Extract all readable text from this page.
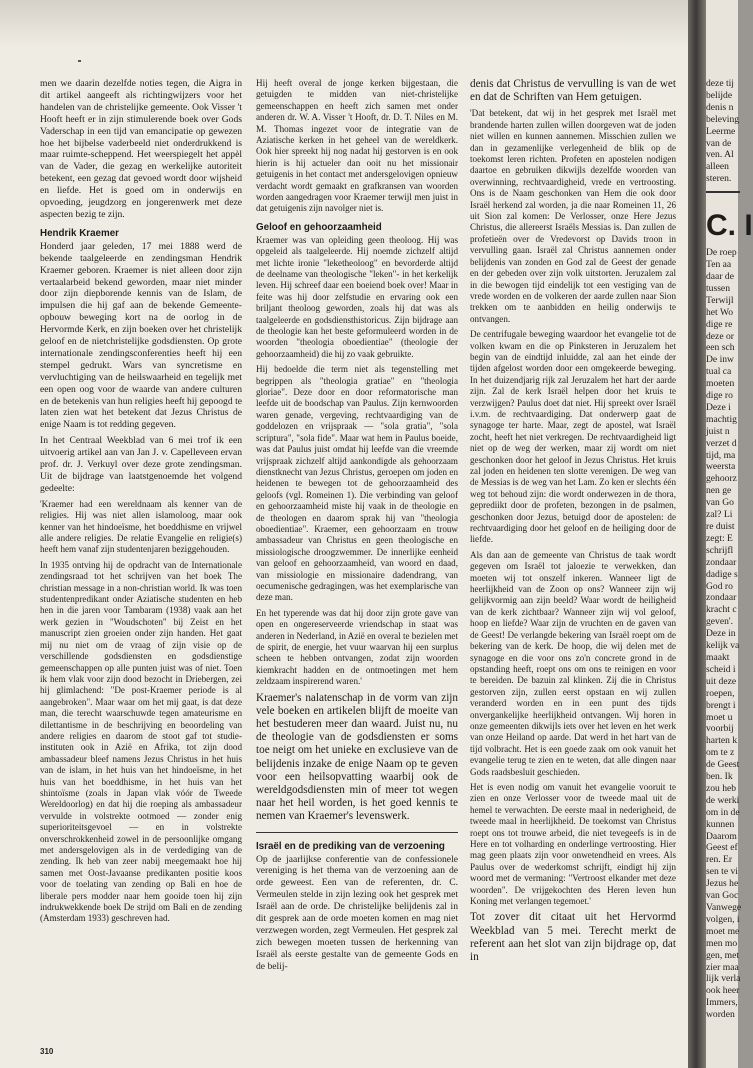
men we daarin dezelfde noties tegen, die Aigra in dit artikel aangeeft als richtingwijzers voor het handelen van de christelijke gemeente. Ook Visser 't Hooft heeft er in zijn stimulerende boek over Gods Vaderschap in een tijd van emancipatie op gewezen hoe het bijbelse vaderbeeld niet onderdrukkend is maar ruimte-scheppend. Het weerspiegelt het appèl van de Vader, die gezag en werkelijke autoriteit betekent, een gezag dat gevoed wordt door wijsheid en liefde. Het is goed om in onderwijs en opvoeding, jeugdzorg en jongerenwerk met deze aspecten bezig te zijn.

Hendrik Kraemer

Honderd jaar geleden, 17 mei 1888 werd de bekende taalgeleerde en zendingsman Hendrik Kraemer geboren. Kraemer is niet alleen door zijn vertaalarbeid bekend geworden, maar niet minder door zijn diepborende kennis van de Islam, de impulsen die hij gaf aan de bekende Gemeente-opbouw beweging kort na de oorlog in de Hervormde Kerk, en zijn boeken over het christelijk geloof en de nietchristelijke godsdiensten. Op grote internationale zendingsconferenties heeft hij een stempel gedrukt. Wars van syncretisme en vervluchtiging van de heilswaarheid en tegelijk met een open oog voor de waarde van andere culturen en de betekenis van hun religies heeft hij gepoogd te laten zien wat het betekent dat Jezus Christus de enige Naam is tot redding gegeven.

In het Centraal Weekblad van 6 mei trof ik een uitvoerig artikel aan van Jan J. v. Capelleveen ervan prof. dr. J. Verkuyl over deze grote zendingsman. Uit de bijdrage van laatstgenoemde het volgend gedeelte:

'Kraemer had een wereldnaam als kenner van de religies. Hij was niet allen islamoloog, maar ook kenner van het hindoeïsme, het boeddhisme en vrijwel alle andere religies. De relatie Evangelie en religie(s) heeft hem vanaf zijn studentenjaren beziggehouden.

In 1935 ontving hij de opdracht van de Internationale zendingsraad tot het schrijven van het boek The christian message in a non-christian world. Ik was toen studentenpredikant onder Aziatische studenten en heb hen in die jaren voor Tambaram (1938) vaak aan het werk gezien in "Woudschoten" bij Zeist en het manuscript zien groeien onder zijn handen. Het gaat mij nu niet om de vraag of zijn visie op de verschillende godsdiensten en godsdienstige gemeenschappen op alle punten juist was of niet. Toen ik hem vlak voor zijn dood bezocht in Driebergen, zei hij glimlachend: "De post-Kraemer periode is al aangebroken". Maar waar om het mij gaat, is dat deze man, die terecht waarschuwde tegen amateurisme en dilettantisme in de beschrijving en beoordeling van andere religies en daarom de stoot gaf tot studie-instituten ook in Azië en Afrika, tot zijn dood ambassadeur bleef namens Jezus Christus in het huis van de islam, in het huis van het hindoeïsme, in het huis van het boeddhisme, in het huis van het shintoïsme (zoals in Japan vlak vóór de Tweede Wereldoorlog) en dat hij die roeping als ambassadeur vervulde in volstrekte ootmoed — zonder enig superioriteitsgevoel — en in volstrekte onverschrokkenheid zowel in de persoonlijke omgang met andersgelovigen als in de verdediging van de zending. Ik heb van zeer nabij meegemaakt hoe hij samen met Oost-Javaanse predikanten positie koos voor de toelating van zending op Bali en hoe de liberale pers modder naar hem gooide toen hij zijn indrukwekkende boek De strijd om Bali en de zending (Amsterdam 1933) geschreven had.

Hij heeft overal de jonge kerken bijgestaan, die getuigden te midden van niet-christelijke gemeenschappen en heeft zich samen met onder anderen dr. W. A. Visser 't Hooft, dr. D. T. Niles en M. M. Thomas ingezet voor de integratie van de Aziatische kerken in het geheel van de wereldkerk. Ook hier spreekt hij nog nadat hij gestorven is en ook hierin is hij actueler dan ooit nu het missionair getuigenis in het contact met andersgelovigen opnieuw verdacht wordt gemaakt en grafkransen van woorden worden aangedragen voor Kraemer terwijl men juist in dat getuigenis zijn navolger niet is.

Geloof en gehoorzaamheid

Kraemer was van opleiding geen theoloog. Hij was opgeleid als taalgeleerde. Hij noemde zichzelf altijd met lichte ironie "leketheoloog" en bevorderde altijd de deelname van theologische "leken"- in het kerkelijk leven. Hij schreef daar een boeiend boek over! Maar in feite was hij door zelfstudie en ervaring ook een briljant theoloog geworden, zoals hij dat was als taalgeleerde en godsdiensthistoricus. Zijn bijdrage aan de theologie kan het beste geformuleerd worden in de woorden "theologia oboedientiae" (theologie der gehoorzaamheid) die hij zo vaak gebruikte.

Hij bedoelde die term niet als tegenstelling met begrippen als "theologia gratiae" en "theologia gloriae". Deze door en door reformatorische man leefde uit de boodschap van Paulus. Zijn kernwoorden waren genade, vergeving, rechtvaardiging van de goddelozen en vrijspraak — "sola gratia", "sola scriptura", "sola fide". Maar wat hem in Paulus boeide, was dat Paulus juist omdat hij leefde van die vreemde vrijspraak zichzelf altijd aankondigde als gehoorzaam dienstknecht van Jezus Christus, geroepen om joden en heidenen te bewegen tot de gehoorzaamheid des geloofs (vgl. Romeinen 1). Die verbinding van geloof en gehoorzaamheid miste hij vaak in de theologie en de theologen en daarom sprak hij van "theologia oboedientiae". Kraemer, een gehoorzaam en trouw ambassadeur van Christus en geen theologische en missiologische droogzwemmer. De innerlijke eenheid van geloof en gehoorzaamheid, van woord en daad, van missiologie en missionaire dadendrang, van oecumenische gedragingen, was het exemplarische van deze man.

En het typerende was dat hij door zijn grote gave van open en ongereserveerde vriendschap in staat was anderen in Nederland, in Azië en overal te bezielen met de spirit, de energie, het vuur waarvan hij een surplus scheen te hebben ontvangen, zodat zijn woorden kiemkracht hadden en de ontmoetingen met hem zeldzaam inspirerend waren.'

Kraemer's nalatenschap in de vorm van zijn vele boeken en artikelen blijft de moeite van het bestuderen meer dan waard. Juist nu, nu de theologie van de godsdiensten er soms toe neigt om het unieke en exclusieve van de belijdenis inzake de enige Naam op te geven voor een heilsopvatting waarbij ook de wereldgodsdiensten min of meer tot wegen naar het heil worden, is het goed kennis te nemen van Kraemer's levenswerk.

Israël en de prediking van de verzoening

Op de jaarlijkse conferentie van de confessionele vereniging is het thema van de verzoening aan de orde geweest. Een van de referenten, dr. C. Vermeulen stelde in zijn lezing ook het gesprek met Israël aan de orde. De christelijke belijdenis zal in dit gesprek aan de orde moeten komen en mag niet verzwegen worden, zegt Vermeulen. Het gesprek zal zich bewegen moeten tussen de herkenning van Israël als eerste gestalte van de gemeente Gods en de belij-

denis dat Christus de vervulling is van de wet en dat de Schriften van Hem getuigen.

'Dat betekent, dat wij in het gesprek met Israël met brandende harten zullen willen doorgeven wat de joden niet willen en kunnen aannemen. Misschien zullen we dan in gezamenlijke verlegenheid de blik op de toekomst leren richten. Profeten en apostelen nodigen daartoe en gebruiken dikwijls dezelfde woorden van overwinning, rechtvaardigheid, vrede en vertroosting. Ons is de Naam geschonken van Hem die ook door Israël herkend zal worden, ja die naar Romeinen 11, 26 uit Sion zal komen: De Verlosser, onze Here Jezus Christus, die allereerst Israëls Messias is. Dan zullen de profetieën over de Vredevorst op Davids troon in vervulling gaan. Israël zal Christus aannemen onder belijdenis van zonden en God zal de Geest der genade en der gebeden over zijn volk uitstorten. Jeruzalem zal in die bewogen tijd eindelijk tot een vestiging van de vrede worden en de volkeren der aarde zullen naar Sion trekken om te aanbidden en heilig onderwijs te ontvangen.

De centrifugale beweging waardoor het evangelie tot de volken kwam en die op Pinksteren in Jeruzalem het begin van de eindtijd inluidde, zal aan het einde der tijden afgelost worden door een omgekeerde beweging. In het duizendjarig rijk zal Jeruzalem het hart der aarde zijn. Zal de kerk Israël helpen door het kruis te verzwijgen? Paulus doet dat niet. Hij spreekt over Israël i.v.m. de rechtvaardiging. Dat onderwerp gaat de synagoge ter harte. Maar, zegt de apostel, wat Israël zocht, heeft het niet verkregen. De rechtvaardigheid ligt niet op de weg der werken, maar zij wordt om niet geschonken door het geloof in Jezus Christus. Het kruis zal joden en heidenen ten slotte verenigen. De weg van de Messias is de weg van het Lam. Zo ken er slechts één weg tot behoud zijn: die wordt onderwezen in de thora, geprediikt door de profeten, bezongen in de psalmen, geschonken door Jezus, betuigd door de apostelen: de rechtvaardiging door het geloof en de heiliging door de liefde.

Als dan aan de gemeente van Christus de taak wordt gegeven om Israël tot jaloezie te verwekken, dan moeten wij tot onszelf inkeren. Wanneer ligt de heerlijkheid van de Zoon op ons? Wanneer zijn wij gelijkvormig aan zijn beeld? Waar wordt de heiligheid van de kerk zichtbaar? Wanneer zijn wij vol geloof, hoop en liefde? Waar zijn de vruchten en de gaven van de Geest! De verlangde bekering van Israël roept om de bekering van de kerk. De hoop, die wij delen met de synagoge en die voor ons zo'n concrete grond in de opstanding heeft, roept ons om ons te reinigen en voor te bereiden. De bazuin zal klinken. Zij die in Christus gestorven zijn, zullen eerst opstaan en wij zullen veranderd worden en in een punt des tijds onvergankelijke heerlijkheid ontvangen. Wij horen in onze gemeenten dikwijls iets over het leven en het werk van onze Heiland op aarde. Dat werd in het hart van de tijd volbracht. Het is een goede zaak om ook vanuit het evangelie terug te zien en te weten, dat alle dingen naar Gods raadsbesluit geschieden.

Het is even nodig om vanuit het evangelie vooruit te zien en onze Verlosser voor de tweede maal uit de hemel te verwachten. De eerste maal in nederigheid, de tweede maal in heerlijkheid. De toekomst van Christus roept ons tot trouwe arbeid, die niet tevegeefs is in de Here en tot volharding en onderlinge vertroosting. Hier mag geen plaats zijn voor onwetendheid en vrees. Als Paulus over de wederkomst schrijft, eindigt hij zijn woord met de vermaning: "Vertroost elkander met deze woorden". De vrijgekochten des Heren leven hun Koning met verlangen tegemoet.'

Tot zover dit citaat uit het Hervormd Weekblad van 5 mei. Terecht merkt de referent aan het slot van zijn bijdrage op, dat in

310
deze tij
belijde
denis n
beleving
Leerme
van de
ven. Al
alleen
steren.
C. I
De roep
Ten aa
daar de
tussen
Terwijl
het Wo
dige re
deze or
een sch
De inw
tual ca
moeten
dige ro
Deze i
machtig
juist n
verzet d
tijd, ma
weersta
gehoorz
nen ge
van Go
zal? Li
re duist
zegt: E
schrijfl
zondaar
dadige s
God ro
zondaar
kracht c
geven'.
Deze in
kelijk va
maakt
scheid i
uit deze
roepen,
brengt i
moet u
voorbij
harten k
om te z
de Geest
ben. Ik
zou heb
de werki
om in de
kunnen
Daarom
Geest ef
ren. Er
sen te vi
Jezus he
van Goc
Vanwege
volgen, i
moet me
men mo
gen, met
zier maa
lijk verla
ook heer
Immers,
worden
